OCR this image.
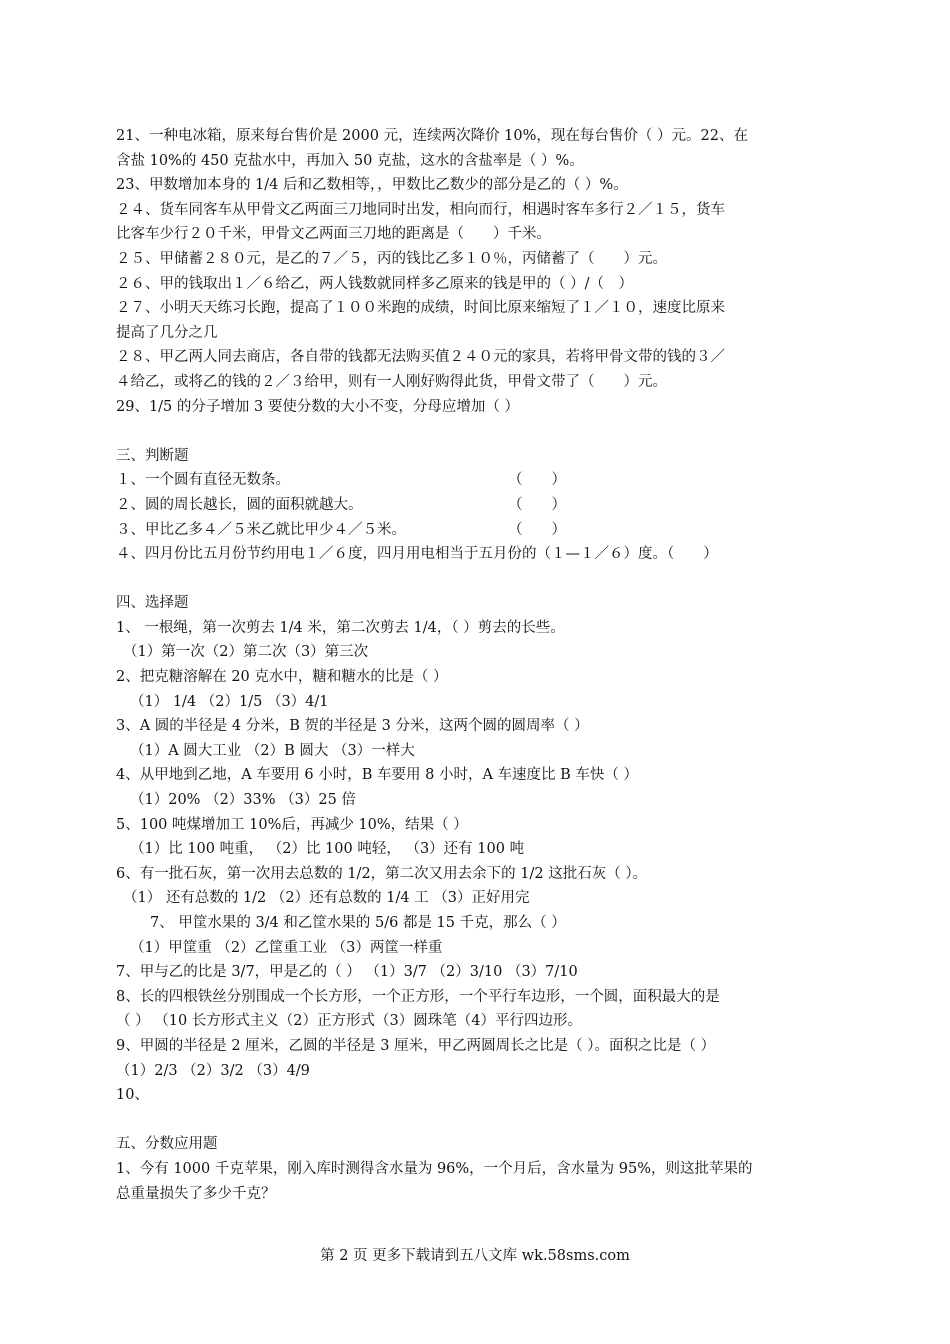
21、一种电冰箱，原来每台售价是 2000 元，连续两次降价 10%，现在每台售价（ ）元。22、在
含盐 10%的 450 克盐水中，再加入 50 克盐，这水的含盐率是（ ）%。
23、甲数增加本身的 1/4 后和乙数相等，，甲数比乙数少的部分是乙的（ ）%。
２４、货车同客车从甲骨文乙两面三刀地同时出发，相向而行，相遇时客车多行２／１５，货车
比客车少行２０千米，甲骨文乙两面三刀地的距离是（　　）千米。
２５、甲储蓄２８０元，是乙的７／５，丙的钱比乙多１０％，丙储蓄了（　　）元。
２６、甲的钱取出１／６给乙，两人钱数就同样多乙原来的钱是甲的（ ）/（　）
２７、小明天天练习长跑，提高了１００米跑的成绩，时间比原来缩短了１／１０，速度比原来
提高了几分之几
２８、甲乙两人同去商店，各自带的钱都无法购买值２４０元的家具，若将甲骨文带的钱的３／
４给乙，或将乙的钱的２／３给甲，则有一人刚好购得此货，甲骨文带了（　　）元。
29、1/5 的分子增加 3 要使分数的大小不变，分母应增加（ ）
三、判断题
１、一个圆有直径无数条。	（　　）
２、圆的周长越长，圆的面积就越大。	（　　）
３、甲比乙多４／５米乙就比甲少４／５米。	（　　）
４、四月份比五月份节约用电１／６度，四月用电相当于五月份的（１—１／６）度。（　　）
四、选择题
1、 一根绳，第一次剪去 1/4 米，第二次剪去 1/4，（ ）剪去的长些。
（1）第一次（2）第二次（3）第三次
2、把克糖溶解在 20 克水中，糖和糖水的比是（ ）
（1） 1/4 （2）1/5 （3）4/1
3、A 圆的半径是 4 分米，B 贺的半径是 3 分米，这两个圆的圆周率（ ）
（1）A 圆大工业 （2）B 圆大 （3）一样大
4、从甲地到乙地，A 车要用 6 小时，B 车要用 8 小时，A 车速度比 B 车快（ ）
（1）20% （2）33% （3）25 倍
5、100 吨煤增加工 10%后，再减少 10%，结果（ ）
（1）比 100 吨重， （2）比 100 吨轻， （3）还有 100 吨
6、有一批石灰，第一次用去总数的 1/2，第二次又用去余下的 1/2 这批石灰（ ）。
（1） 还有总数的 1/2 （2）还有总数的 1/4 工 （3）正好用完
7、 甲筐水果的 3/4 和乙筐水果的 5/6 都是 15 千克，那么（ ）
（1）甲筐重 （2）乙筐重工业 （3）两筐一样重
7、甲与乙的比是 3/7，甲是乙的（ ） （1）3/7 （2）3/10 （3）7/10
8、长的四根铁丝分别围成一个长方形，一个正方形，一个平行车边形，一个圆，面积最大的是
（ ） （10 长方形式主义（2）正方形式（3）圆珠笔（4）平行四边形。
9、甲圆的半径是 2 厘米，乙圆的半径是 3 厘米，甲乙两圆周长之比是（ ）。面积之比是（ ）
（1）2/3 （2）3/2 （3）4/9
10、
五、分数应用题
1、今有 1000 千克苹果，刚入库时测得含水量为 96%，一个月后，含水量为 95%，则这批苹果的
总重量损失了多少千克？
第 2 页 更多下载请到五八文库 wk.58sms.com
